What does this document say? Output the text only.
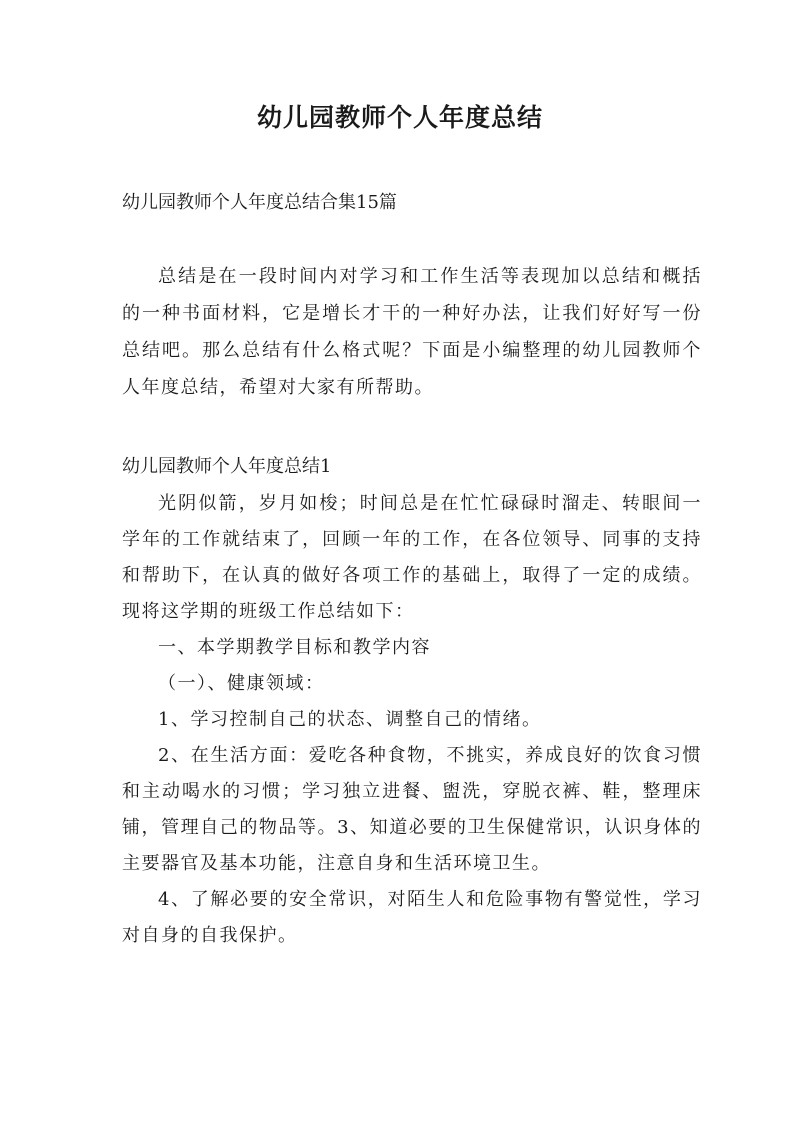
幼儿园教师个人年度总结

幼儿园教师个人年度总结合集15篇

总结是在一段时间内对学习和工作生活等表现加以总结和概括的一种书面材料，它是增长才干的一种好办法，让我们好好写一份总结吧。那么总结有什么格式呢？下面是小编整理的幼儿园教师个人年度总结，希望对大家有所帮助。

幼儿园教师个人年度总结1

光阴似箭，岁月如梭；时间总是在忙忙碌碌时溜走、转眼间一学年的工作就结束了，回顾一年的工作，在各位领导、同事的支持和帮助下，在认真的做好各项工作的基础上，取得了一定的成绩。现将这学期的班级工作总结如下：

一、本学期教学目标和教学内容

（一）、健康领域：

1、学习控制自己的状态、调整自己的情绪。

2、在生活方面：爱吃各种食物，不挑实，养成良好的饮食习惯和主动喝水的习惯；学习独立进餐、盥洗，穿脱衣裤、鞋，整理床铺，管理自己的物品等。3、知道必要的卫生保健常识，认识身体的主要器官及基本功能，注意自身和生活环境卫生。

4、了解必要的安全常识，对陌生人和危险事物有警觉性，学习对自身的自我保护。
